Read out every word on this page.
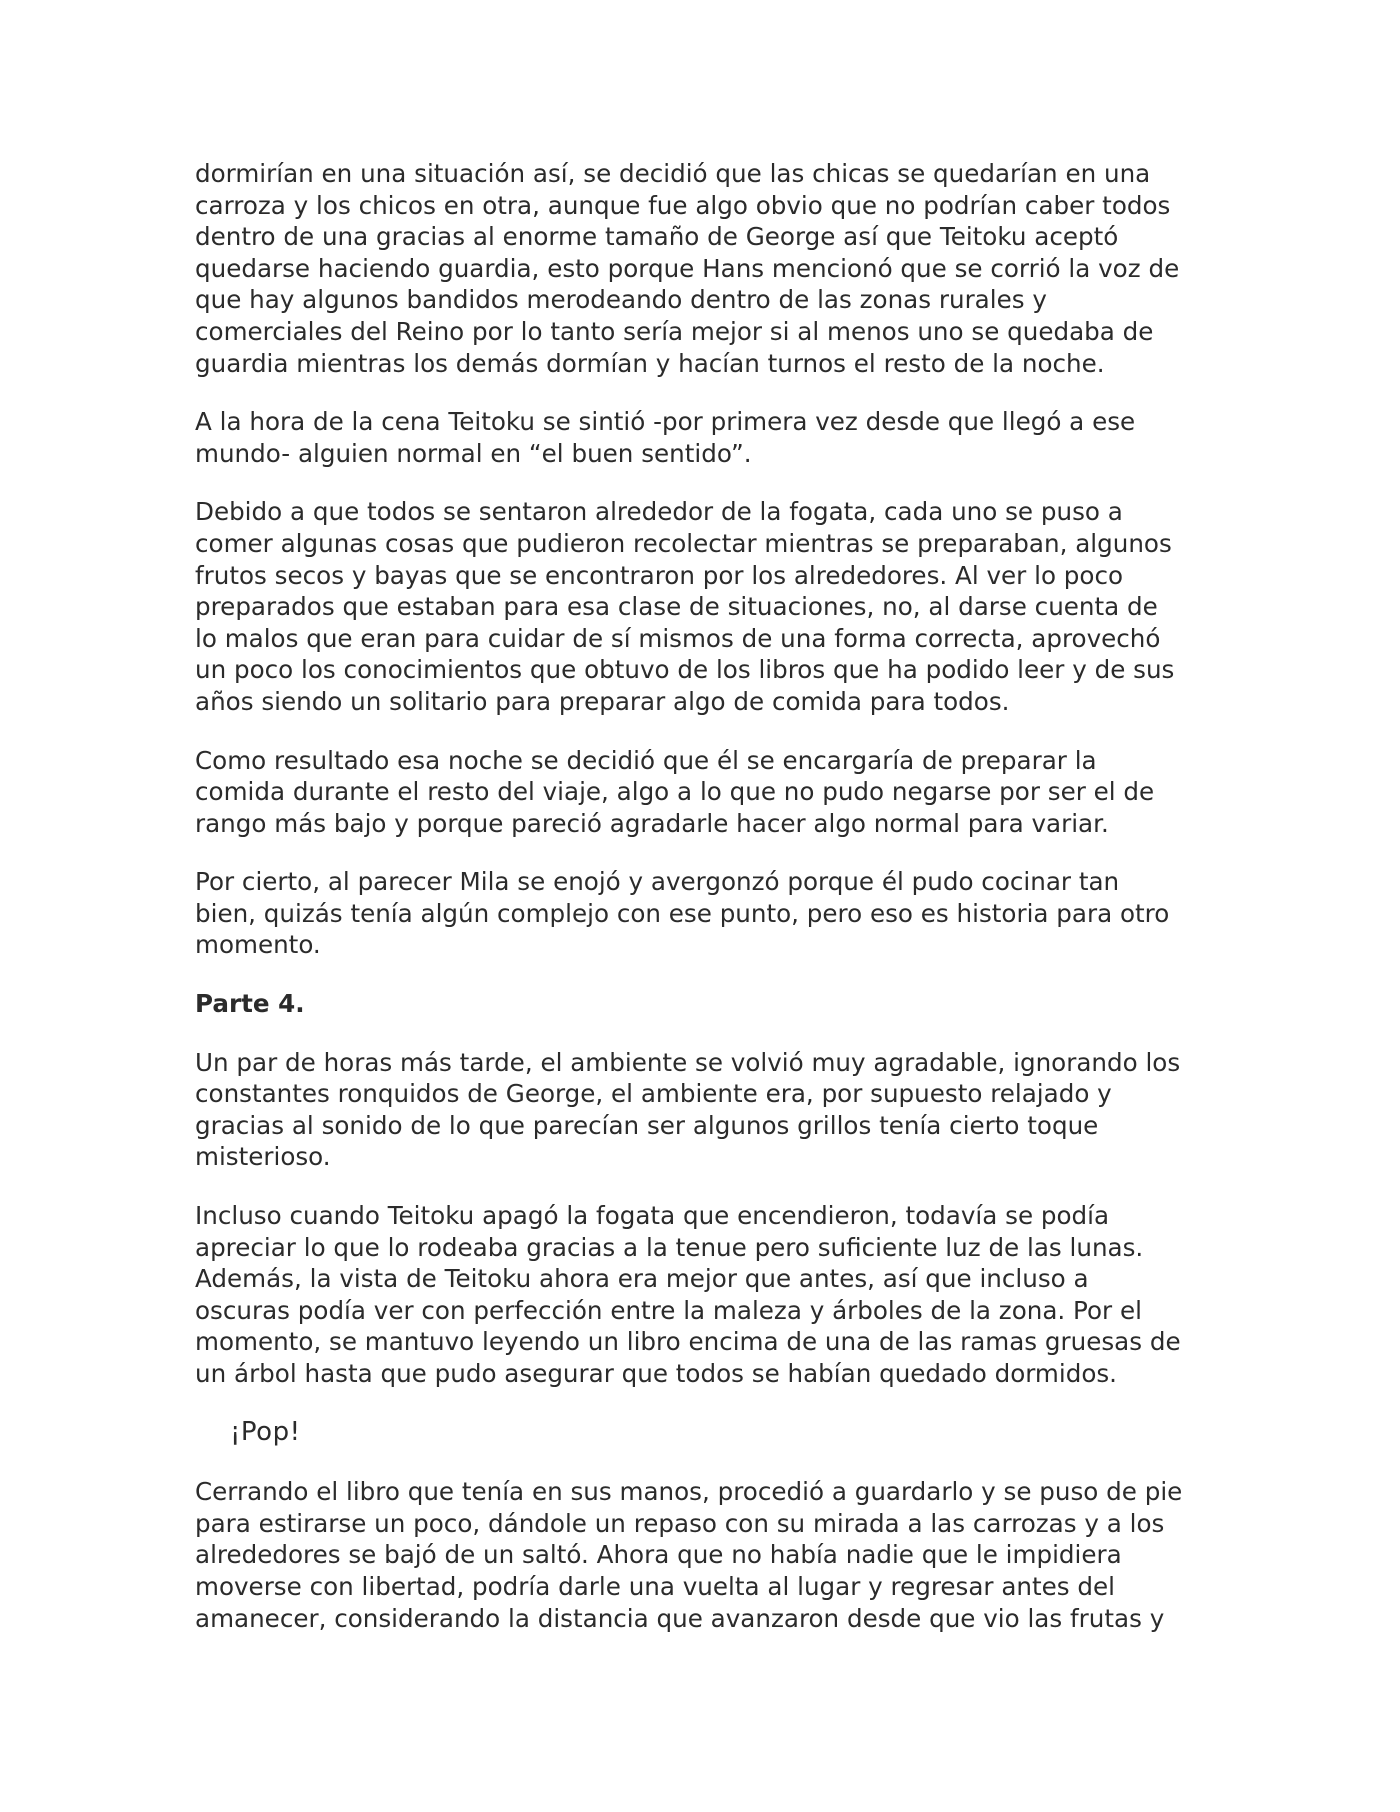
dormirían en una situación así, se decidió que las chicas se quedarían en una
carroza y los chicos en otra, aunque fue algo obvio que no podrían caber todos
dentro de una gracias al enorme tamaño de George así que Teitoku aceptó
quedarse haciendo guardia, esto porque Hans mencionó que se corrió la voz de
que hay algunos bandidos merodeando dentro de las zonas rurales y
comerciales del Reino por lo tanto sería mejor si al menos uno se quedaba de
guardia mientras los demás dormían y hacían turnos el resto de la noche.

A la hora de la cena Teitoku se sintió -por primera vez desde que llegó a ese
mundo- alguien normal en “el buen sentido”.

Debido a que todos se sentaron alrededor de la fogata, cada uno se puso a
comer algunas cosas que pudieron recolectar mientras se preparaban, algunos
frutos secos y bayas que se encontraron por los alrededores. Al ver lo poco
preparados que estaban para esa clase de situaciones, no, al darse cuenta de
lo malos que eran para cuidar de sí mismos de una forma correcta, aprovechó
un poco los conocimientos que obtuvo de los libros que ha podido leer y de sus
años siendo un solitario para preparar algo de comida para todos.

Como resultado esa noche se decidió que él se encargaría de preparar la
comida durante el resto del viaje, algo a lo que no pudo negarse por ser el de
rango más bajo y porque pareció agradarle hacer algo normal para variar.

Por cierto, al parecer Mila se enojó y avergonzó porque él pudo cocinar tan
bien, quizás tenía algún complejo con ese punto, pero eso es historia para otro
momento.

Parte 4.

Un par de horas más tarde, el ambiente se volvió muy agradable, ignorando los
constantes ronquidos de George, el ambiente era, por supuesto relajado y
gracias al sonido de lo que parecían ser algunos grillos tenía cierto toque
misterioso.

Incluso cuando Teitoku apagó la fogata que encendieron, todavía se podía
apreciar lo que lo rodeaba gracias a la tenue pero suficiente luz de las lunas.
Además, la vista de Teitoku ahora era mejor que antes, así que incluso a
oscuras podía ver con perfección entre la maleza y árboles de la zona. Por el
momento, se mantuvo leyendo un libro encima de una de las ramas gruesas de
un árbol hasta que pudo asegurar que todos se habían quedado dormidos.

¡Pop!

Cerrando el libro que tenía en sus manos, procedió a guardarlo y se puso de pie
para estirarse un poco, dándole un repaso con su mirada a las carrozas y a los
alrededores se bajó de un saltó. Ahora que no había nadie que le impidiera
moverse con libertad, podría darle una vuelta al lugar y regresar antes del
amanecer, considerando la distancia que avanzaron desde que vio las frutas y
